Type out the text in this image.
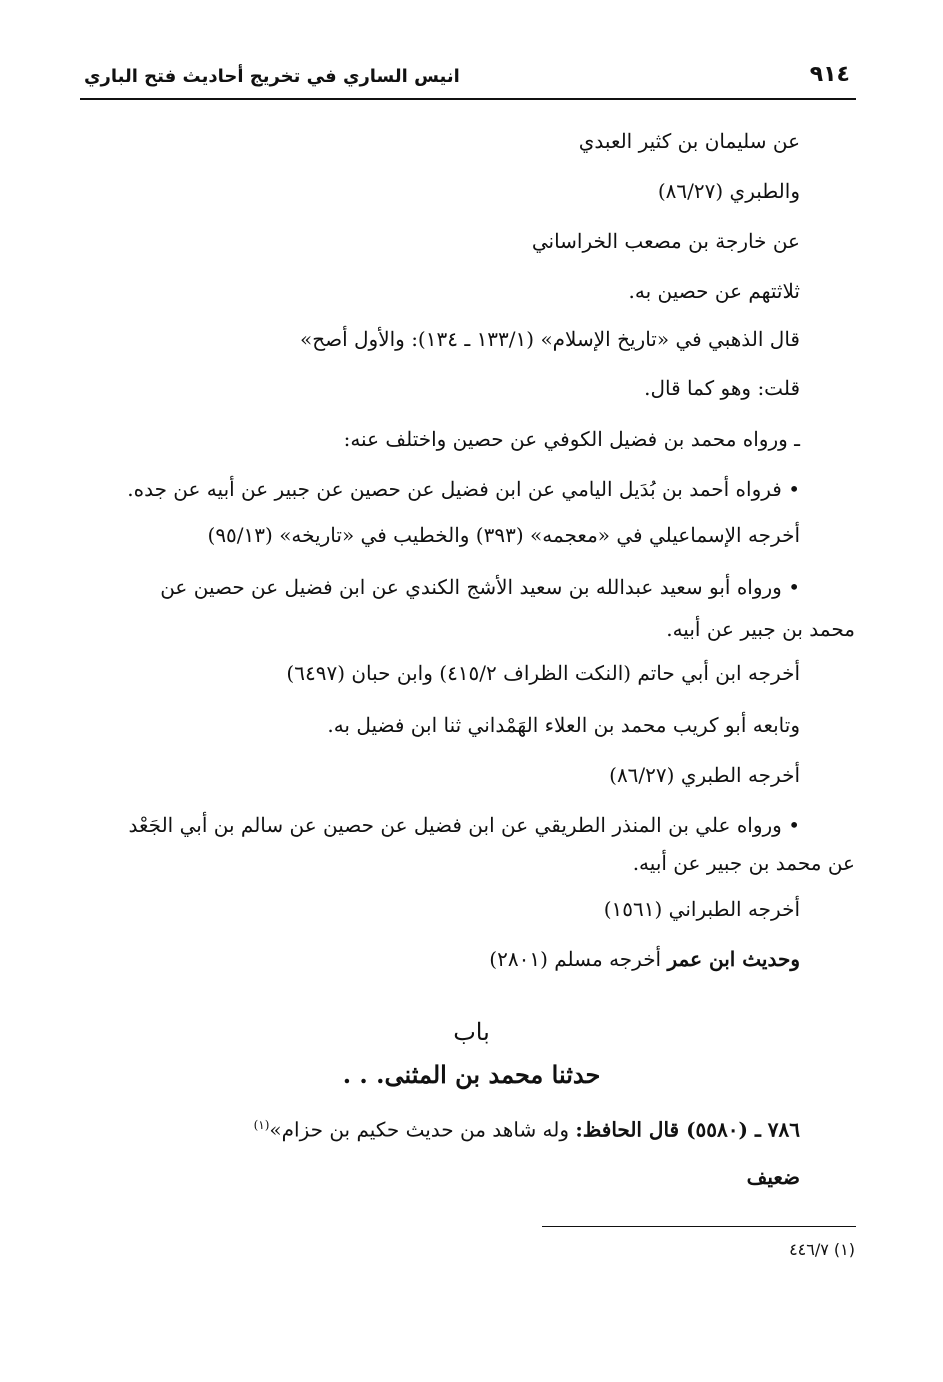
٩١٤
انيس الساري في تخريج أحاديث فتح الباري
عن سليمان بن كثير العبدي
والطبري (٨٦/٢٧)
عن خارجة بن مصعب الخراساني
ثلاثتهم عن حصين به.
قال الذهبي في «تاريخ الإسلام» (١٣٣/١ ـ ١٣٤): والأول أصح»
قلت: وهو كما قال.
ـ ورواه محمد بن فضيل الكوفي عن حصين واختلف عنه:
• فرواه أحمد بن بُدَيل اليامي عن ابن فضيل عن حصين عن جبير عن أبيه عن جده.
أخرجه الإسماعيلي في «معجمه» (٣٩٣) والخطيب في «تاريخه» (٩٥/١٣)
• ورواه أبو سعيد عبدالله بن سعيد الأشج الكندي عن ابن فضيل عن حصين عن
محمد بن جبير عن أبيه.
أخرجه ابن أبي حاتم (النكت الظراف ٤١٥/٢) وابن حبان (٦٤٩٧)
وتابعه أبو كريب محمد بن العلاء الهَمْداني ثنا ابن فضيل به.
أخرجه الطبري (٨٦/٢٧)
• ورواه علي بن المنذر الطريقي عن ابن فضيل عن حصين عن سالم بن أبي الجَعْد
عن محمد بن جبير عن أبيه.
أخرجه الطبراني (١٥٦١)
وحديث ابن عمر أخرجه مسلم (٢٨٠١)
باب
حدثنا محمد بن المثنى. . .
٧٨٦ ـ (٥٥٨٠) قال الحافظ: وله شاهد من حديث حكيم بن حزام»$^{(١)}$
ضعيف
(١) ٤٤٦/٧
